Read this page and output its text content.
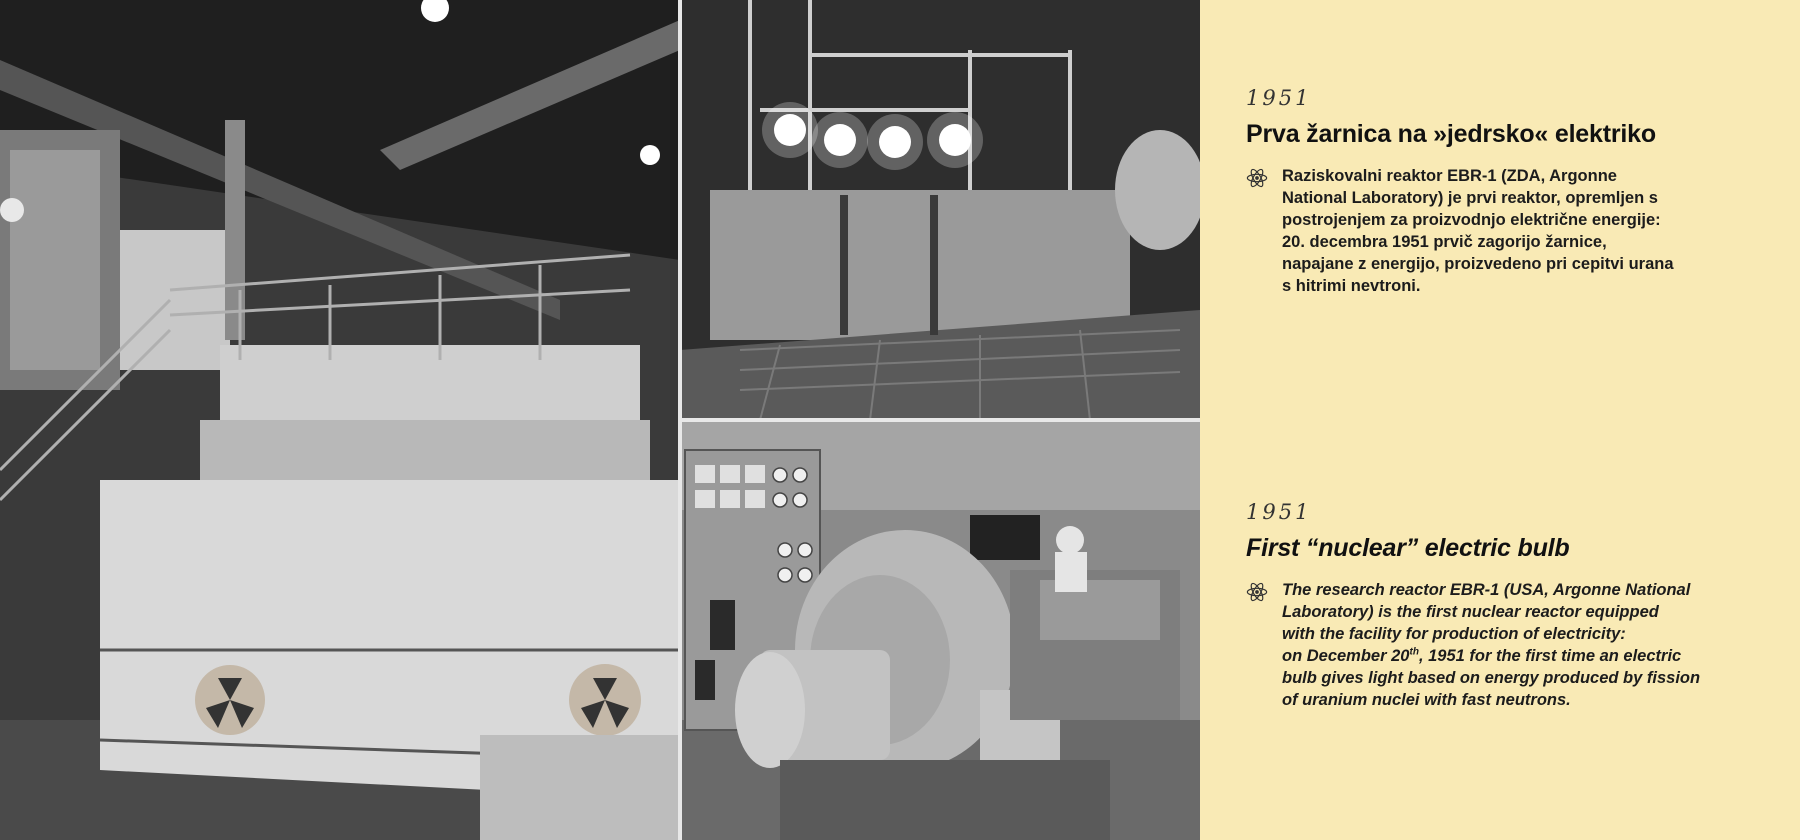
1951

Prva žarnica na »jedrsko« elektriko

Raziskovalni reaktor EBR-1 (ZDA, Argonne
National Laboratory) je prvi reaktor, opremljen s
postrojenjem za proizvodnjo električne energije:
20. decembra 1951 prvič zagorijo žarnice,
napajane z energijo, proizvedeno pri cepitvi urana
s hitrimi nevtroni.

1951

First “nuclear” electric bulb

The research reactor EBR-1 (USA, Argonne National
Laboratory) is the first nuclear reactor equipped
with the facility for production of electricity:
on December 20th, 1951 for the first time an electric
bulb gives light based on energy produced by fission
of uranium nuclei with fast neutrons.
